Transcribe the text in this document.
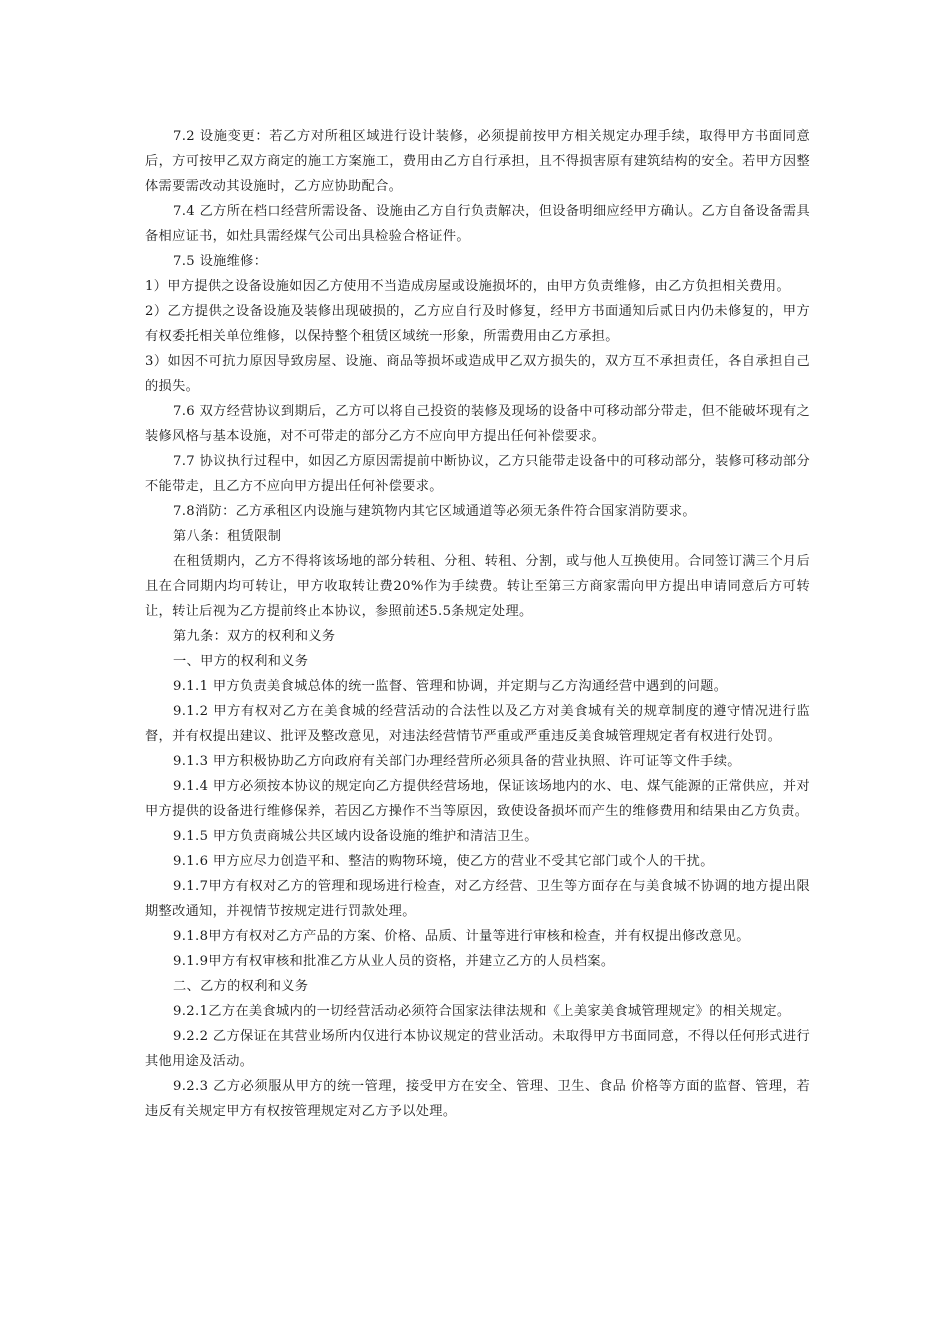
7.2 设施变更：若乙方对所租区域进行设计装修，必须提前按甲方相关规定办理手续，取得甲方书面同意后，方可按甲乙双方商定的施工方案施工，费用由乙方自行承担，且不得损害原有建筑结构的安全。若甲方因整体需要需改动其设施时，乙方应协助配合。

7.4 乙方所在档口经营所需设备、设施由乙方自行负责解决，但设备明细应经甲方确认。乙方自备设备需具备相应证书，如灶具需经煤气公司出具检验合格证件。

7.5 设施维修：

1）甲方提供之设备设施如因乙方使用不当造成房屋或设施损坏的，由甲方负责维修，由乙方负担相关费用。

2）乙方提供之设备设施及装修出现破损的，乙方应自行及时修复，经甲方书面通知后贰日内仍未修复的，甲方有权委托相关单位维修，以保持整个租赁区域统一形象，所需费用由乙方承担。

3）如因不可抗力原因导致房屋、设施、商品等损坏或造成甲乙双方损失的，双方互不承担责任，各自承担自己的损失。

7.6 双方经营协议到期后，乙方可以将自己投资的装修及现场的设备中可移动部分带走，但不能破坏现有之装修风格与基本设施，对不可带走的部分乙方不应向甲方提出任何补偿要求。

7.7 协议执行过程中，如因乙方原因需提前中断协议，乙方只能带走设备中的可移动部分，装修可移动部分不能带走，且乙方不应向甲方提出任何补偿要求。

7.8消防：乙方承租区内设施与建筑物内其它区域通道等必须无条件符合国家消防要求。

第八条：租赁限制

在租赁期内，乙方不得将该场地的部分转租、分租、转租、分割，或与他人互换使用。合同签订满三个月后且在合同期内均可转让，甲方收取转让费20%作为手续费。转让至第三方商家需向甲方提出申请同意后方可转让，转让后视为乙方提前终止本协议，参照前述5.5条规定处理。

第九条：双方的权利和义务

一、甲方的权利和义务

9.1.1 甲方负责美食城总体的统一监督、管理和协调，并定期与乙方沟通经营中遇到的问题。

9.1.2 甲方有权对乙方在美食城的经营活动的合法性以及乙方对美食城有关的规章制度的遵守情况进行监督，并有权提出建议、批评及整改意见，对违法经营情节严重或严重违反美食城管理规定者有权进行处罚。

9.1.3 甲方积极协助乙方向政府有关部门办理经营所必须具备的营业执照、许可证等文件手续。

9.1.4 甲方必须按本协议的规定向乙方提供经营场地，保证该场地内的水、电、煤气能源的正常供应，并对甲方提供的设备进行维修保养，若因乙方操作不当等原因，致使设备损坏而产生的维修费用和结果由乙方负责。

9.1.5 甲方负责商城公共区域内设备设施的维护和清洁卫生。

9.1.6 甲方应尽力创造平和、整洁的购物环境，使乙方的营业不受其它部门或个人的干扰。

9.1.7甲方有权对乙方的管理和现场进行检查，对乙方经营、卫生等方面存在与美食城不协调的地方提出限期整改通知，并视情节按规定进行罚款处理。

9.1.8甲方有权对乙方产品的方案、价格、品质、计量等进行审核和检查，并有权提出修改意见。

9.1.9甲方有权审核和批准乙方从业人员的资格，并建立乙方的人员档案。

二、乙方的权利和义务

9.2.1乙方在美食城内的一切经营活动必须符合国家法律法规和《上美家美食城管理规定》的相关规定。

9.2.2 乙方保证在其营业场所内仅进行本协议规定的营业活动。未取得甲方书面同意，不得以任何形式进行其他用途及活动。

9.2.3 乙方必须服从甲方的统一管理，接受甲方在安全、管理、卫生、食品 价格等方面的监督、管理，若违反有关规定甲方有权按管理规定对乙方予以处理。
